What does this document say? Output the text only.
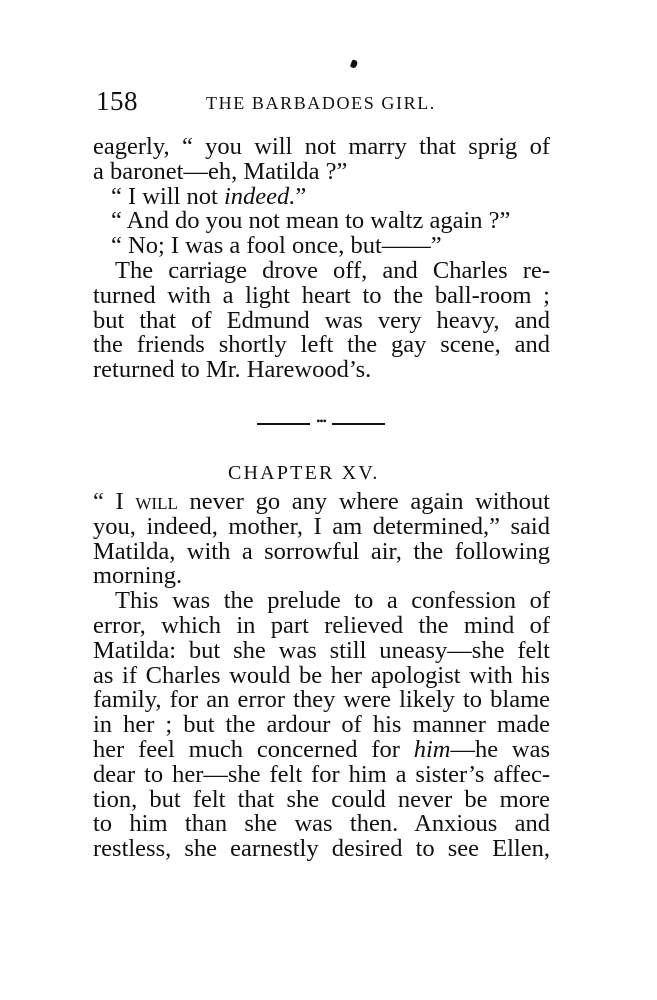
158	THE BARBADOES GIRL.
eagerly, “ you will not marry that sprig of
a baronet—eh, Matilda ?”
“ I will not indeed.”
“ And do you not mean to waltz again ?”
“ No; I was a fool once, but——”
The carriage drove off, and Charles re-
turned with a light heart to the ball-room ;
but that of Edmund was very heavy, and
the friends shortly left the gay scene, and
returned to Mr. Harewood’s.
•••
CHAPTER XV.
“ I will never go any where again without
you, indeed, mother, I am determined,” said
Matilda, with a sorrowful air, the following
morning.
This was the prelude to a confession of
error, which in part relieved the mind of
Matilda: but she was still uneasy—she felt
as if Charles would be her apologist with his
family, for an error they were likely to blame
in her ; but the ardour of his manner made
her feel much concerned for him—he was
dear to her—she felt for him a sister’s affec-
tion, but felt that she could never be more
to him than she was then. Anxious and
restless, she earnestly desired to see Ellen,
